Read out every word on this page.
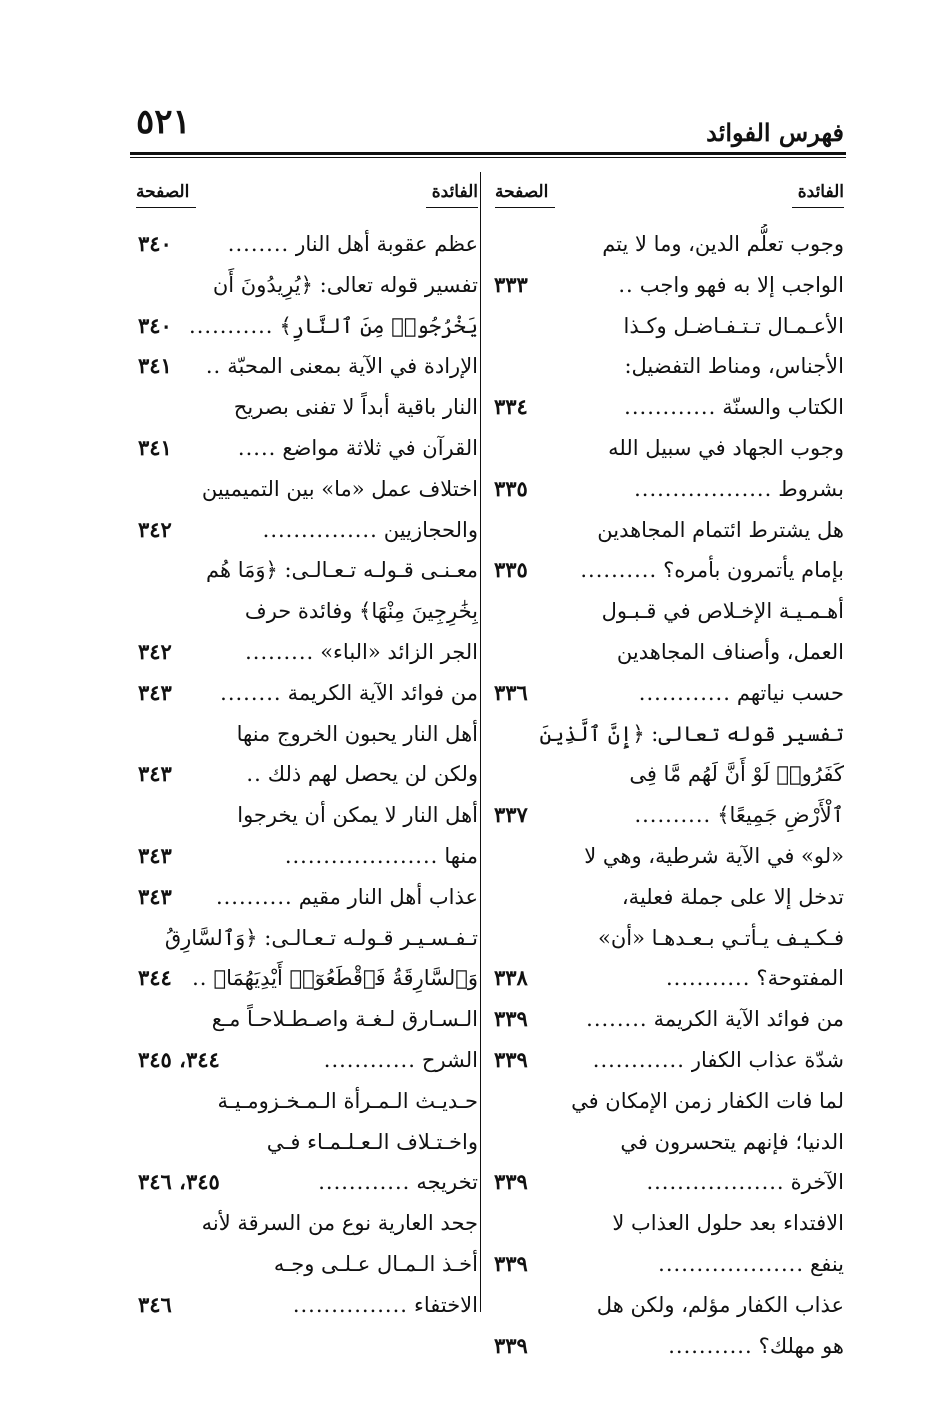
فهرس الفوائد
٥٢١
الفائدة
الصفحة
الفائدة
الصفحة
وجوب تعلُّم الدين، وما لا يتم
الواجب إلا به فهو واجب
..
٣٣٣
الأعـمـال تـتـفـاضـل وكـذا
الأجناس، ومناط التفضيل:
الكتاب والسنّة
............
٣٣٤
وجوب الجهاد في سبيل الله
بشروط
..................
٣٣٥
هل يشترط ائتمام المجاهدين
بإمام يأتمرون بأمره؟
..........
٣٣٥
أهـمـيـة الإخـلاص في قـبـول
العمل، وأصناف المجاهدين
حسب نياتهم
............
٣٣٦
تفسير قوله تعالى: ﴿إِنَّ ٱلَّذِينَ
كَفَرُوا۟ لَوْ أَنَّ لَهُم مَّا فِى
ٱلْأَرْضِ جَمِيعًا﴾
..........
٣٣٧
«لو» في الآية شرطية، وهي لا
تدخل إلا على جملة فعلية،
فـكـيـف يـأتـي بـعـدهـا «أن»
المفتوحة؟
...........
٣٣٨
من فوائد الآية الكريمة
........
٣٣٩
شدّة عذاب الكفار
............
٣٣٩
لما فات الكفار زمن الإمكان في
الدنيا؛ فإنهم يتحسرون في
الآخرة
..................
٣٣٩
الافتداء بعد حلول العذاب لا
ينفع
...................
٣٣٩
عذاب الكفار مؤلم، ولكن هل
هو مهلك؟
...........
٣٣٩
عظم عقوبة أهل النار
........
٣٤٠
تفسير قوله تعالى: ﴿يُرِيدُونَ أَن
يَخْرُجُوا۟ مِنَ ٱلنَّارِ﴾
...........
٣٤٠
الإرادة في الآية بمعنى المحبّة
..
٣٤١
النار باقية أبداً لا تفنى بصريح
القرآن في ثلاثة مواضع
.....
٣٤١
اختلاف عمل «ما» بين التميميين
والحجازيين
...............
٣٤٢
معـنـى قـولـه تـعـالـى: ﴿وَمَا هُم
بِخَٰرِجِينَ مِنْهَا﴾ وفائدة حرف
الجر الزائد «الباء»
.........
٣٤٢
من فوائد الآية الكريمة
........
٣٤٣
أهل النار يحبون الخروج منها
ولكن لن يحصل لهم ذلك
..
٣٤٣
أهل النار لا يمكن أن يخرجوا
منها
....................
٣٤٣
عذاب أهل النار مقيم
..........
٣٤٣
تـفـسـيـر قـولـه تـعـالـى: ﴿وَٱلسَّارِقُ
وَٱلسَّارِقَةُ فَٱقْطَعُوٓا۟ أَيْدِيَهُمَا﴾
..
٣٤٤
الـسـارق لـغـة واصـطـلاحـاً مـع
الشرح
............
٣٤٤، ٣٤٥
حـديـث الـمـرأة الـمـخـزومـيـة
واخـتـلاف الـعـلـمـاء فـي
تخريجه
............
٣٤٥، ٣٤٦
جحد العارية نوع من السرقة لأنه
أخـذ الـمـال عـلـى وجـه
الاختفاء
...............
٣٤٦
